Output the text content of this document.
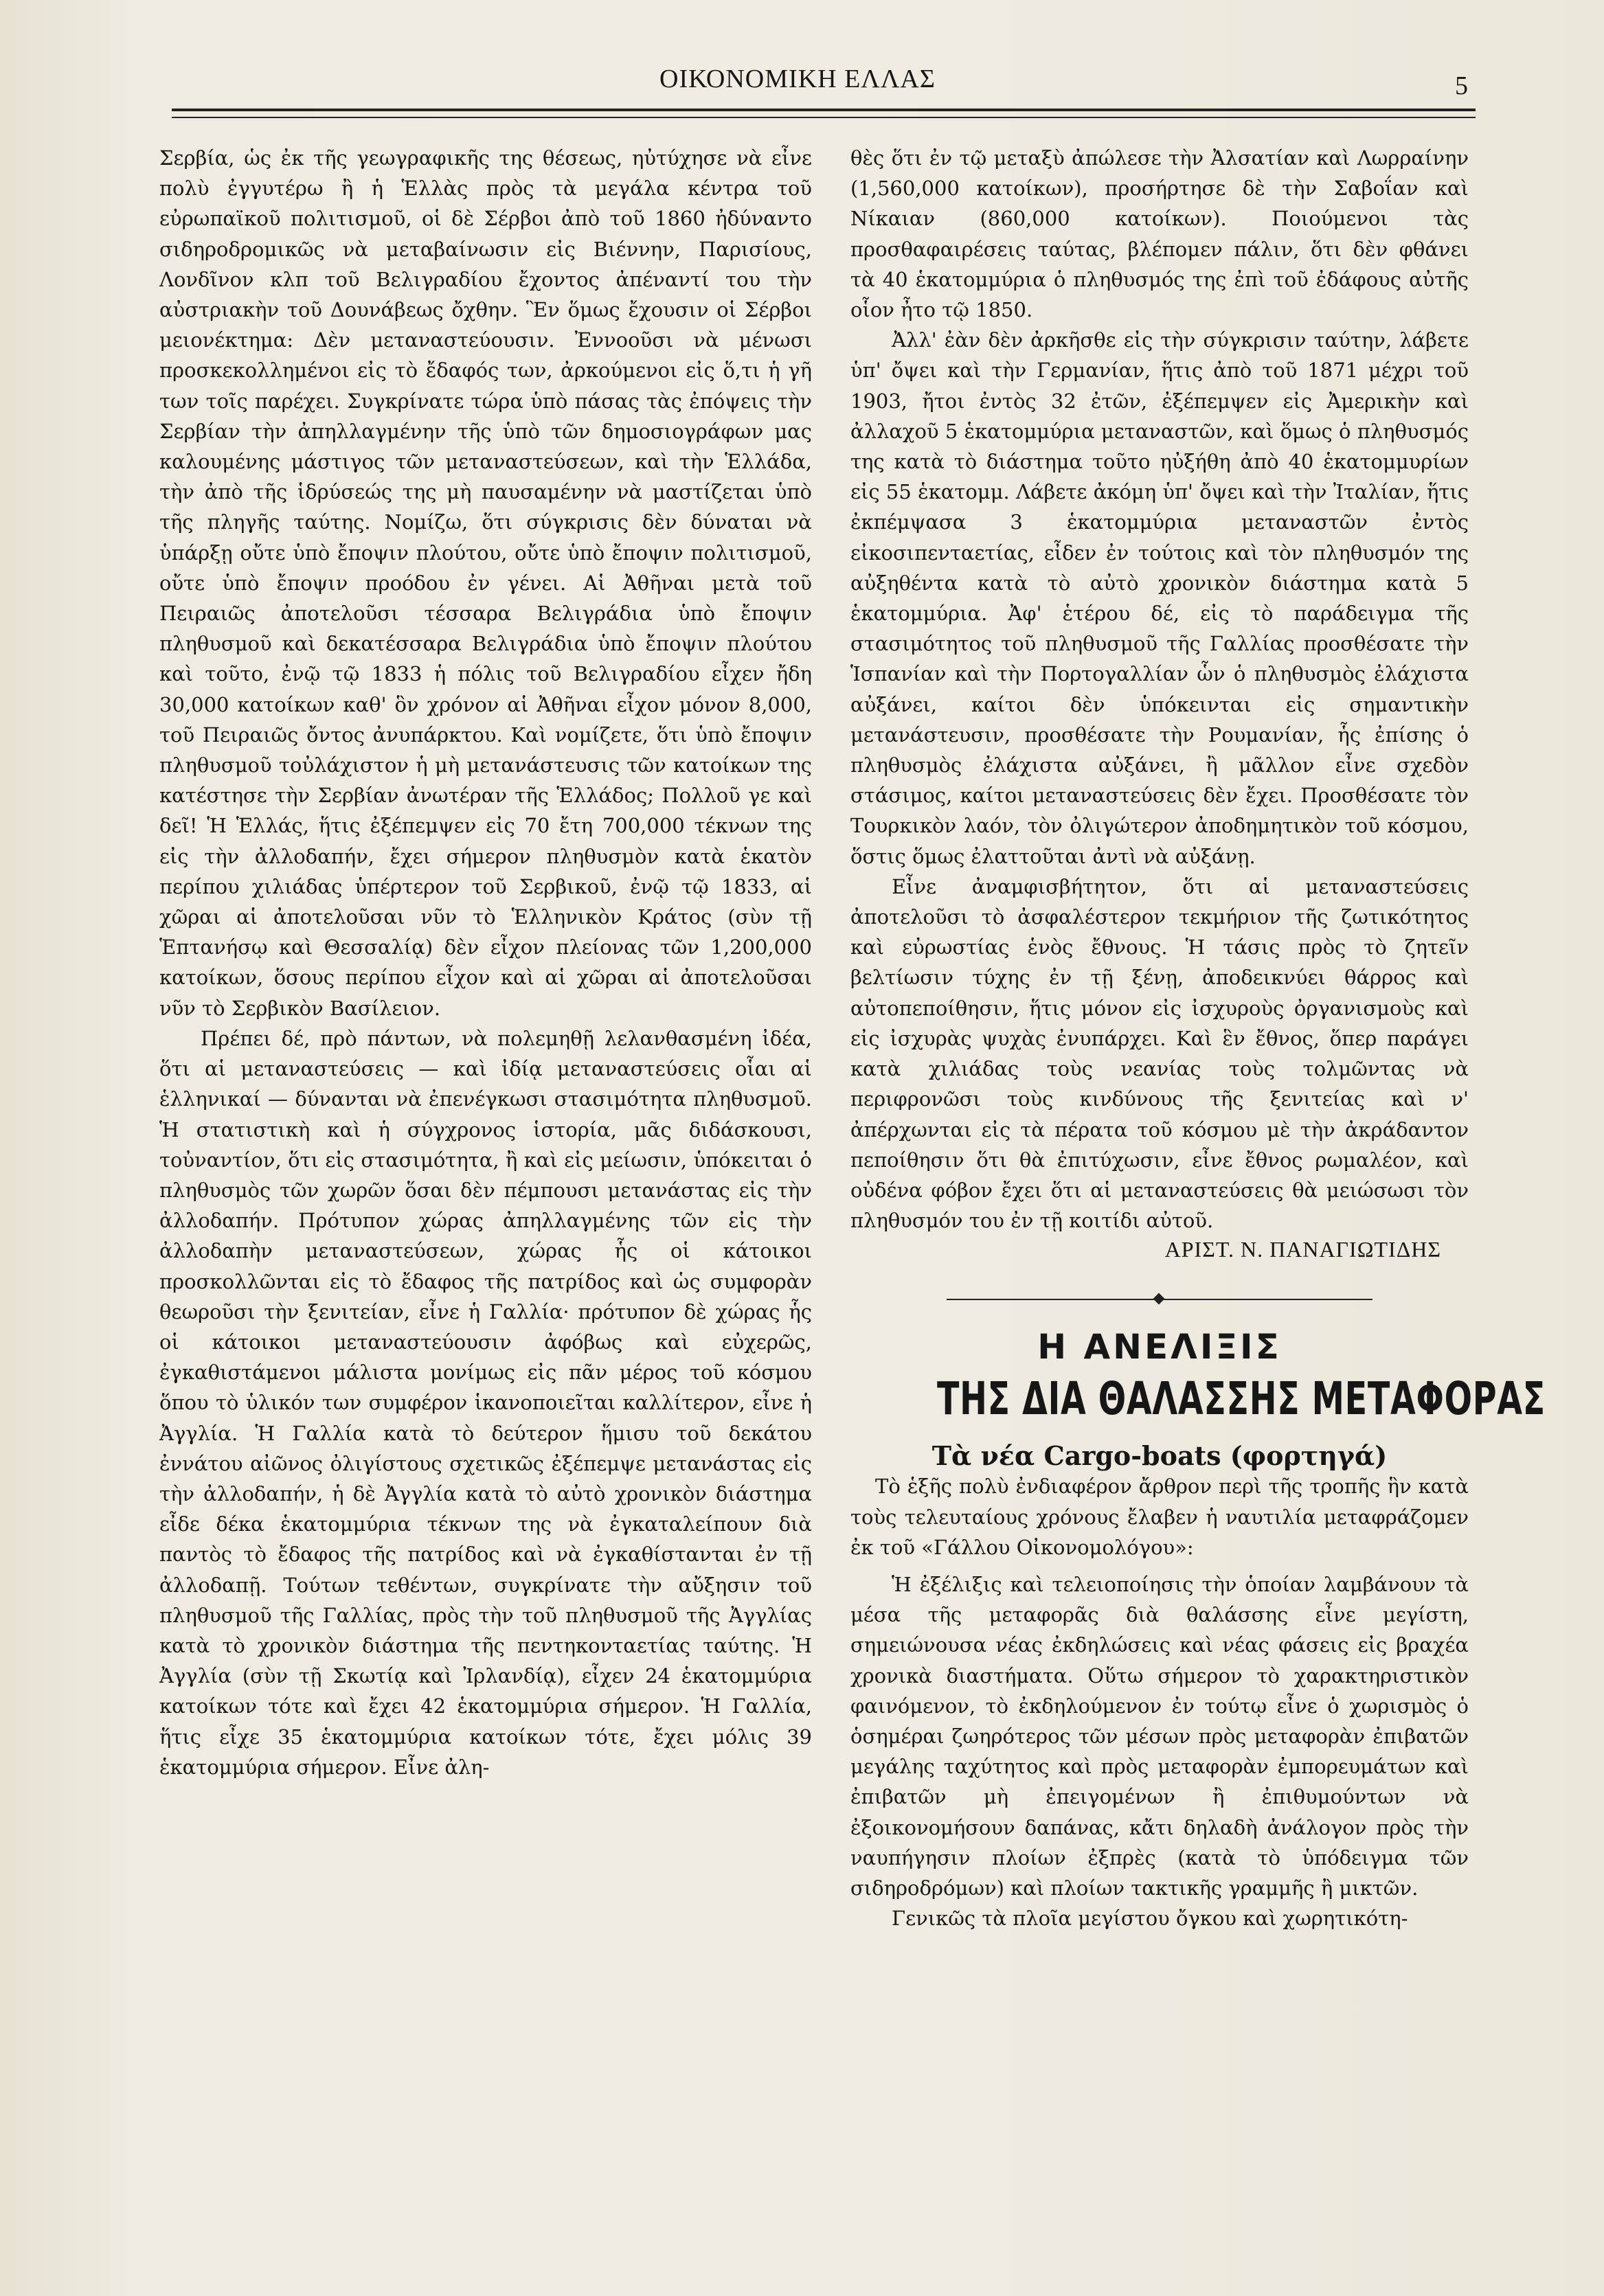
ΟΙΚΟΝΟΜΙΚΗ ΕΛΛΑΣ	5

Σερβία, ὡς ἐκ τῆς γεωγραφικῆς της θέσεως, ηὐτύχησε νὰ εἶνε πολὺ ἐγγυτέρω ἢ ἡ Ἑλλὰς πρὸς τὰ μεγάλα κέντρα τοῦ εὐρωπαϊκοῦ πολιτισμοῦ, οἱ δὲ Σέρβοι ἀπὸ τοῦ 1860 ἠδύναντο σιδηροδρομικῶς νὰ μεταβαίνωσιν εἰς Βιέννην, Παρισίους, Λονδῖνον κλπ τοῦ Βελιγραδίου ἔχοντος ἀπέναντί του τὴν αὐστριακὴν τοῦ Δουνάβεως ὄχθην. Ἓν ὅμως ἔχουσιν οἱ Σέρβοι μειονέκτημα: Δὲν μεταναστεύουσιν. Ἐννοοῦσι νὰ μένωσι προσκεκολλημένοι εἰς τὸ ἔδαφός των, ἀρκούμενοι εἰς ὅ,τι ἡ γῆ των τοῖς παρέχει. Συγκρίνατε τώρα ὑπὸ πάσας τὰς ἐπόψεις τὴν Σερβίαν τὴν ἀπηλλαγμένην τῆς ὑπὸ τῶν δημοσιογράφων μας καλουμένης μάστιγος τῶν μεταναστεύσεων, καὶ τὴν Ἑλλάδα, τὴν ἀπὸ τῆς ἱδρύσεώς της μὴ παυσαμένην νὰ μαστίζεται ὑπὸ τῆς πληγῆς ταύτης. Νομίζω, ὅτι σύγκρισις δὲν δύναται νὰ ὑπάρξῃ οὔτε ὑπὸ ἔποψιν πλούτου, οὔτε ὑπὸ ἔποψιν πολιτισμοῦ, οὔτε ὑπὸ ἔποψιν προόδου ἐν γένει. Αἱ Ἀθῆναι μετὰ τοῦ Πειραιῶς ἀποτελοῦσι τέσσαρα Βελιγράδια ὑπὸ ἔποψιν πληθυσμοῦ καὶ δεκατέσσαρα Βελιγράδια ὑπὸ ἔποψιν πλούτου καὶ τοῦτο, ἐνῷ τῷ 1833 ἡ πόλις τοῦ Βελιγραδίου εἶχεν ἤδη 30,000 κατοίκων καθ' ὃν χρόνον αἱ Ἀθῆναι εἶχον μόνον 8,000, τοῦ Πειραιῶς ὄντος ἀνυπάρκτου. Καὶ νομίζετε, ὅτι ὑπὸ ἔποψιν πληθυσμοῦ τοὐλάχιστον ἡ μὴ μετανάστευσις τῶν κατοίκων της κατέστησε τὴν Σερβίαν ἀνωτέραν τῆς Ἑλλάδος; Πολλοῦ γε καὶ δεῖ! Ἡ Ἑλλάς, ἥτις ἐξέπεμψεν εἰς 70 ἔτη 700,000 τέκνων της εἰς τὴν ἀλλοδαπήν, ἔχει σήμερον πληθυσμὸν κατὰ ἑκατὸν περίπου χιλιάδας ὑπέρτερον τοῦ Σερβικοῦ, ἐνῷ τῷ 1833, αἱ χῶραι αἱ ἀποτελοῦσαι νῦν τὸ Ἑλληνικὸν Κράτος (σὺν τῇ Ἑπτανήσῳ καὶ Θεσσαλίᾳ) δὲν εἶχον πλείονας τῶν 1,200,000 κατοίκων, ὅσους περίπου εἶχον καὶ αἱ χῶραι αἱ ἀποτελοῦσαι νῦν τὸ Σερβικὸν Βασίλειον.

Πρέπει δέ, πρὸ πάντων, νὰ πολεμηθῇ λελανθασμένη ἰδέα, ὅτι αἱ μεταναστεύσεις — καὶ ἰδίᾳ μεταναστεύσεις οἷαι αἱ ἑλληνικαί — δύνανται νὰ ἐπενέγκωσι στασιμότητα πληθυσμοῦ. Ἡ στατιστικὴ καὶ ἡ σύγχρονος ἱστορία, μᾶς διδάσκουσι, τοὐναντίον, ὅτι εἰς στασιμότητα, ἢ καὶ εἰς μείωσιν, ὑπόκειται ὁ πληθυσμὸς τῶν χωρῶν ὅσαι δὲν πέμπουσι μετανάστας εἰς τὴν ἀλλοδαπήν. Πρότυπον χώρας ἀπηλλαγμένης τῶν εἰς τὴν ἀλλοδαπὴν μεταναστεύσεων, χώρας ἧς οἱ κάτοικοι προσκολλῶνται εἰς τὸ ἔδαφος τῆς πατρίδος καὶ ὡς συμφορὰν θεωροῦσι τὴν ξενιτείαν, εἶνε ἡ Γαλλία· πρότυπον δὲ χώρας ἧς οἱ κάτοικοι μεταναστεύουσιν ἀφόβως καὶ εὐχερῶς, ἐγκαθιστάμενοι μάλιστα μονίμως εἰς πᾶν μέρος τοῦ κόσμου ὅπου τὸ ὑλικόν των συμφέρον ἱκανοποιεῖται καλλίτερον, εἶνε ἡ Ἀγγλία. Ἡ Γαλλία κατὰ τὸ δεύτερον ἥμισυ τοῦ δεκάτου ἐννάτου αἰῶνος ὀλιγίστους σχετικῶς ἐξέπεμψε μετανάστας εἰς τὴν ἀλλοδαπήν, ἡ δὲ Ἀγγλία κατὰ τὸ αὐτὸ χρονικὸν διάστημα εἶδε δέκα ἑκατομμύρια τέκνων της νὰ ἐγκαταλείπουν διὰ παντὸς τὸ ἔδαφος τῆς πατρίδος καὶ νὰ ἐγκαθίστανται ἐν τῇ ἀλλοδαπῇ. Τούτων τεθέντων, συγκρίνατε τὴν αὔξησιν τοῦ πληθυσμοῦ τῆς Γαλλίας, πρὸς τὴν τοῦ πληθυσμοῦ τῆς Ἀγγλίας κατὰ τὸ χρονικὸν διάστημα τῆς πεντηκονταετίας ταύτης. Ἡ Ἀγγλία (σὺν τῇ Σκωτίᾳ καὶ Ἰρλανδίᾳ), εἶχεν 24 ἑκατομμύρια κατοίκων τότε καὶ ἔχει 42 ἑκατομμύρια σήμερον. Ἡ Γαλλία, ἥτις εἶχε 35 ἑκατομμύρια κατοίκων τότε, ἔχει μόλις 39 ἑκατομμύρια σήμερον. Εἶνε ἀλη-

θὲς ὅτι ἐν τῷ μεταξὺ ἀπώλεσε τὴν Ἀλσατίαν καὶ Λωρραίνην (1,560,000 κατοίκων), προσήρτησε δὲ τὴν Σαβοΐαν καὶ Νίκαιαν (860,000 κατοίκων). Ποιούμενοι τὰς προσθαφαιρέσεις ταύτας, βλέπομεν πάλιν, ὅτι δὲν φθάνει τὰ 40 ἑκατομμύρια ὁ πληθυσμός της ἐπὶ τοῦ ἐδάφους αὐτῆς οἷον ἦτο τῷ 1850.

Ἀλλ' ἐὰν δὲν ἀρκῆσθε εἰς τὴν σύγκρισιν ταύτην, λάβετε ὑπ' ὄψει καὶ τὴν Γερμανίαν, ἥτις ἀπὸ τοῦ 1871 μέχρι τοῦ 1903, ἤτοι ἐντὸς 32 ἐτῶν, ἐξέπεμψεν εἰς Ἀμερικὴν καὶ ἀλλαχοῦ 5 ἑκατομμύρια μεταναστῶν, καὶ ὅμως ὁ πληθυσμός της κατὰ τὸ διάστημα τοῦτο ηὐξήθη ἀπὸ 40 ἑκατομμυρίων εἰς 55 ἑκατομμ. Λάβετε ἀκόμη ὑπ' ὄψει καὶ τὴν Ἰταλίαν, ἥτις ἐκπέμψασα 3 ἑκατομμύρια μεταναστῶν ἐντὸς εἰκοσιπενταετίας, εἶδεν ἐν τούτοις καὶ τὸν πληθυσμόν της αὐξηθέντα κατὰ τὸ αὐτὸ χρονικὸν διάστημα κατὰ 5 ἑκατομμύρια. Ἀφ' ἑτέρου δέ, εἰς τὸ παράδειγμα τῆς στασιμότητος τοῦ πληθυσμοῦ τῆς Γαλλίας προσθέσατε τὴν Ἱσπανίαν καὶ τὴν Πορτογαλλίαν ὧν ὁ πληθυσμὸς ἐλάχιστα αὐξάνει, καίτοι δὲν ὑπόκεινται εἰς σημαντικὴν μετανάστευσιν, προσθέσατε τὴν Ρουμανίαν, ἧς ἐπίσης ὁ πληθυσμὸς ἐλάχιστα αὐξάνει, ἢ μᾶλλον εἶνε σχεδὸν στάσιμος, καίτοι μεταναστεύσεις δὲν ἔχει. Προσθέσατε τὸν Τουρκικὸν λαόν, τὸν ὀλιγώτερον ἀποδημητικὸν τοῦ κόσμου, ὅστις ὅμως ἐλαττοῦται ἀντὶ νὰ αὐξάνῃ.

Εἶνε ἀναμφισβήτητον, ὅτι αἱ μεταναστεύσεις ἀποτελοῦσι τὸ ἀσφαλέστερον τεκμήριον τῆς ζωτικότητος καὶ εὐρωστίας ἑνὸς ἔθνους. Ἡ τάσις πρὸς τὸ ζητεῖν βελτίωσιν τύχης ἐν τῇ ξένῃ, ἀποδεικνύει θάρρος καὶ αὐτοπεποίθησιν, ἥτις μόνον εἰς ἰσχυροὺς ὀργανισμοὺς καὶ εἰς ἰσχυρὰς ψυχὰς ἐνυπάρχει. Καὶ ἓν ἔθνος, ὅπερ παράγει κατὰ χιλιάδας τοὺς νεανίας τοὺς τολμῶντας νὰ περιφρονῶσι τοὺς κινδύνους τῆς ξενιτείας καὶ ν' ἀπέρχωνται εἰς τὰ πέρατα τοῦ κόσμου μὲ τὴν ἀκράδαντον πεποίθησιν ὅτι θὰ ἐπιτύχωσιν, εἶνε ἔθνος ρωμαλέον, καὶ οὐδένα φόβον ἔχει ὅτι αἱ μεταναστεύσεις θὰ μειώσωσι τὸν πληθυσμόν του ἐν τῇ κοιτίδι αὐτοῦ.

ΑΡΙΣΤ. Ν. ΠΑΝΑΓΙΩΤΙΔΗΣ
Η ΑΝΕΛΙΞΙΣ
ΤΗΣ ΔΙΑ ΘΑΛΑΣΣΗΣ ΜΕΤΑΦΟΡΑΣ
Τὰ νέα Cargo-boats (φορτηγά)

Τὸ ἑξῆς πολὺ ἐνδιαφέρον ἄρθρον περὶ τῆς τροπῆς ἣν κατὰ τοὺς τελευταίους χρόνους ἔλαβεν ἡ ναυτιλία μεταφράζομεν ἐκ τοῦ «Γάλλου Οἰκονομολόγου»:

Ἡ ἐξέλιξις καὶ τελειοποίησις τὴν ὁποίαν λαμβάνουν τὰ μέσα τῆς μεταφορᾶς διὰ θαλάσσης εἶνε μεγίστη, σημειώνουσα νέας ἐκδηλώσεις καὶ νέας φάσεις εἰς βραχέα χρονικὰ διαστήματα. Οὕτω σήμερον τὸ χαρακτηριστικὸν φαινόμενον, τὸ ἐκδηλούμενον ἐν τούτῳ εἶνε ὁ χωρισμὸς ὁ ὁσημέραι ζωηρότερος τῶν μέσων πρὸς μεταφορὰν ἐπιβατῶν μεγάλης ταχύτητος καὶ πρὸς μεταφορὰν ἐμπορευμάτων καὶ ἐπιβατῶν μὴ ἐπειγομένων ἢ ἐπιθυμούντων νὰ ἐξοικονομήσουν δαπάνας, κἄτι δηλαδὴ ἀνάλογον πρὸς τὴν ναυπήγησιν πλοίων ἐξπρὲς (κατὰ τὸ ὑπόδειγμα τῶν σιδηροδρόμων) καὶ πλοίων τακτικῆς γραμμῆς ἢ μικτῶν.

Γενικῶς τὰ πλοῖα μεγίστου ὄγκου καὶ χωρητικότη-
